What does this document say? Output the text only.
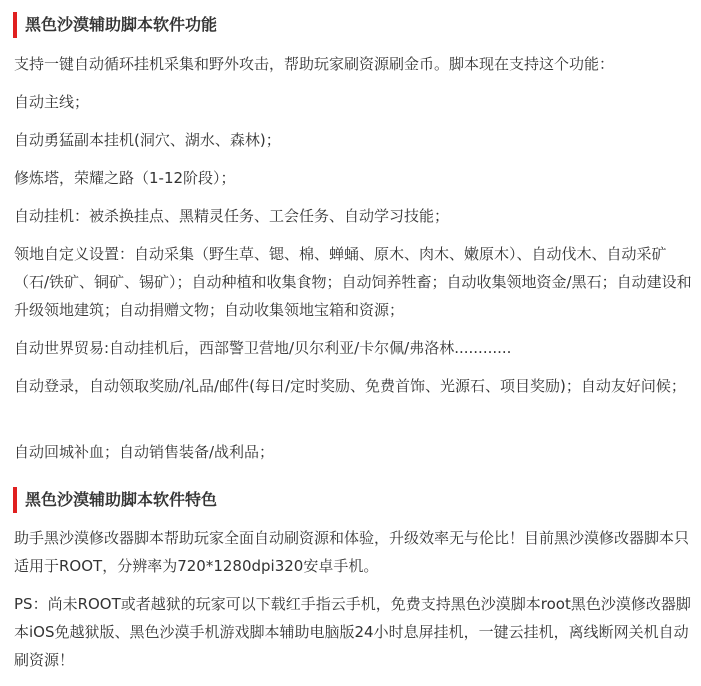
黑色沙漠辅助脚本软件功能

支持一键自动循环挂机采集和野外攻击，帮助玩家刷资源刷金币。脚本现在支持这个功能：

自动主线；

自动勇猛副本挂机(洞穴、湖水、森林)；

修炼塔，荣耀之路（1-12阶段）；

自动挂机：被杀换挂点、黑精灵任务、工会任务、自动学习技能；

领地自定义设置：自动采集（野生草、锶、棉、蝉蛹、原木、肉木、嫩原木）、自动伐木、自动采矿（石/铁矿、铜矿、锡矿）；自动种植和收集食物；自动饲养牲畜；自动收集领地资金/黑石；自动建设和升级领地建筑；自动捐赠文物；自动收集领地宝箱和资源；

自动世界贸易:自动挂机后，西部警卫营地/贝尔利亚/卡尔佩/弗洛林............

自动登录，自动领取奖励/礼品/邮件(每日/定时奖励、免费首饰、光源石、项目奖励)；自动友好问候；

自动回城补血；自动销售装备/战利品；

黑色沙漠辅助脚本软件特色

助手黑沙漠修改器脚本帮助玩家全面自动刷资源和体验，升级效率无与伦比！目前黑沙漠修改器脚本只适用于ROOT，分辨率为720*1280dpi320安卓手机。

PS：尚未ROOT或者越狱的玩家可以下载红手指云手机，免费支持黑色沙漠脚本root黑色沙漠修改器脚本iOS免越狱版、黑色沙漠手机游戏脚本辅助电脑版24小时息屏挂机，一键云挂机，离线断网关机自动刷资源！
